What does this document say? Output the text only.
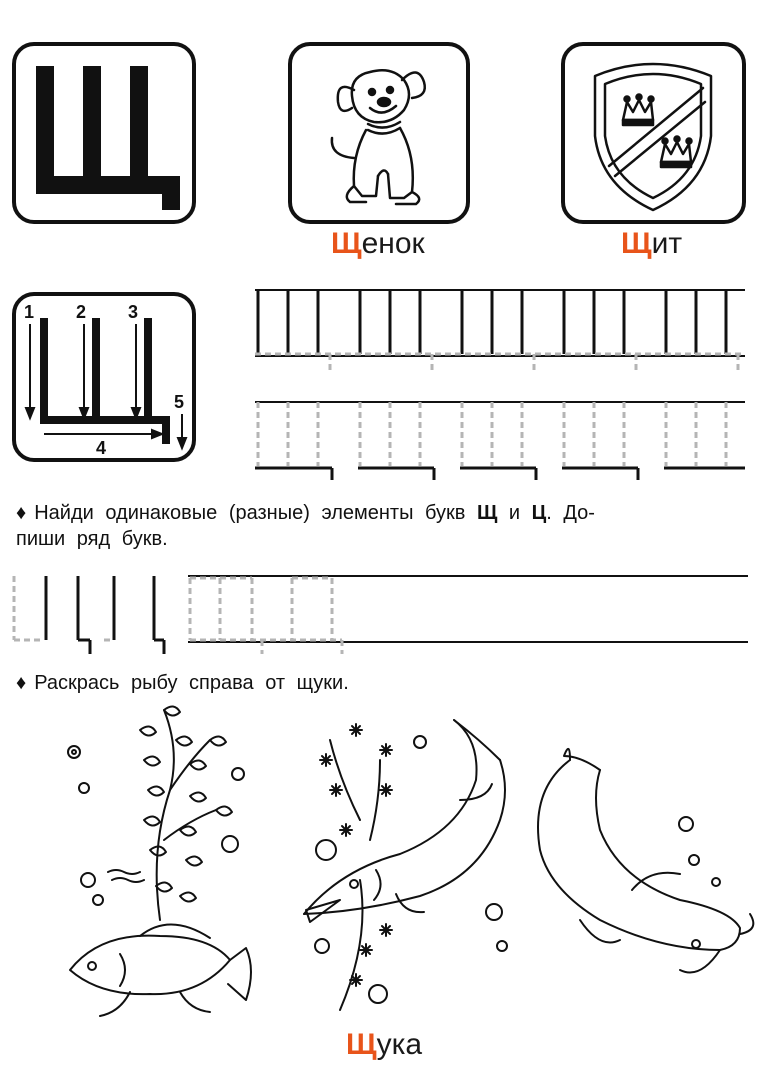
Щенок	Щит
1 2 3
4
5
♦ Найди одинаковые (разные) элементы букв Щ и Ц. До-
пиши ряд букв.
♦ Раскрась рыбу справа от щуки.
Щука
